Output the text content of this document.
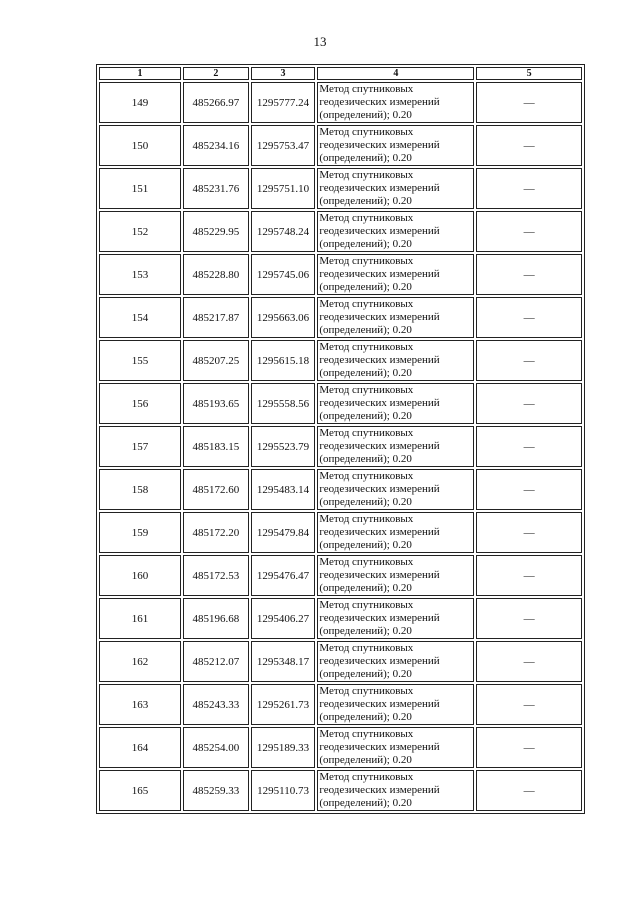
13
1	2	3	4	5
149	485266.97	1295777.24	Метод спутниковых геодезических измерений (определений); 0.20	—
150	485234.16	1295753.47	Метод спутниковых геодезических измерений (определений); 0.20	—
151	485231.76	1295751.10	Метод спутниковых геодезических измерений (определений); 0.20	—
152	485229.95	1295748.24	Метод спутниковых геодезических измерений (определений); 0.20	—
153	485228.80	1295745.06	Метод спутниковых геодезических измерений (определений); 0.20	—
154	485217.87	1295663.06	Метод спутниковых геодезических измерений (определений); 0.20	—
155	485207.25	1295615.18	Метод спутниковых геодезических измерений (определений); 0.20	—
156	485193.65	1295558.56	Метод спутниковых геодезических измерений (определений); 0.20	—
157	485183.15	1295523.79	Метод спутниковых геодезических измерений (определений); 0.20	—
158	485172.60	1295483.14	Метод спутниковых геодезических измерений (определений); 0.20	—
159	485172.20	1295479.84	Метод спутниковых геодезических измерений (определений); 0.20	—
160	485172.53	1295476.47	Метод спутниковых геодезических измерений (определений); 0.20	—
161	485196.68	1295406.27	Метод спутниковых геодезических измерений (определений); 0.20	—
162	485212.07	1295348.17	Метод спутниковых геодезических измерений (определений); 0.20	—
163	485243.33	1295261.73	Метод спутниковых геодезических измерений (определений); 0.20	—
164	485254.00	1295189.33	Метод спутниковых геодезических измерений (определений); 0.20	—
165	485259.33	1295110.73	Метод спутниковых геодезических измерений (определений); 0.20	—
